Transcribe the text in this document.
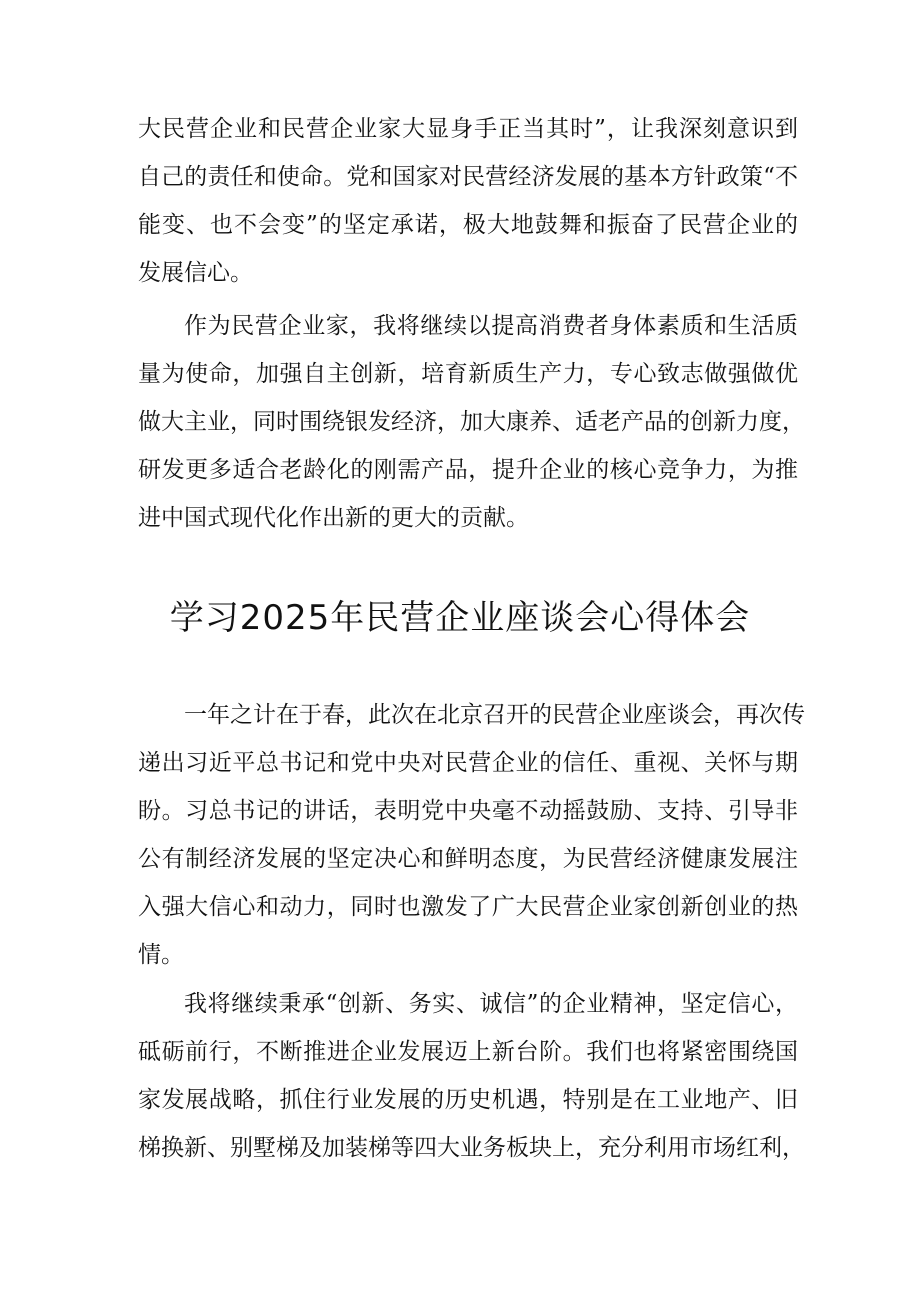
大民营企业和民营企业家大显身手正当其时”，让我深刻意识到
自己的责任和使命。党和国家对民营经济发展的基本方针政策“不
能变、也不会变”的坚定承诺，极大地鼓舞和振奋了民营企业的
发展信心。
作为民营企业家，我将继续以提高消费者身体素质和生活质
量为使命，加强自主创新，培育新质生产力，专心致志做强做优
做大主业，同时围绕银发经济，加大康养、适老产品的创新力度，
研发更多适合老龄化的刚需产品，提升企业的核心竞争力，为推
进中国式现代化作出新的更大的贡献。
学习2025年民营企业座谈会心得体会
一年之计在于春，此次在北京召开的民营企业座谈会，再次传
递出习近平总书记和党中央对民营企业的信任、重视、关怀与期
盼。习总书记的讲话，表明党中央毫不动摇鼓励、支持、引导非
公有制经济发展的坚定决心和鲜明态度，为民营经济健康发展注
入强大信心和动力，同时也激发了广大民营企业家创新创业的热
情。
我将继续秉承“创新、务实、诚信”的企业精神，坚定信心，
砥砺前行，不断推进企业发展迈上新台阶。我们也将紧密围绕国
家发展战略，抓住行业发展的历史机遇，特别是在工业地产、旧
梯换新、别墅梯及加装梯等四大业务板块上，充分利用市场红利，
